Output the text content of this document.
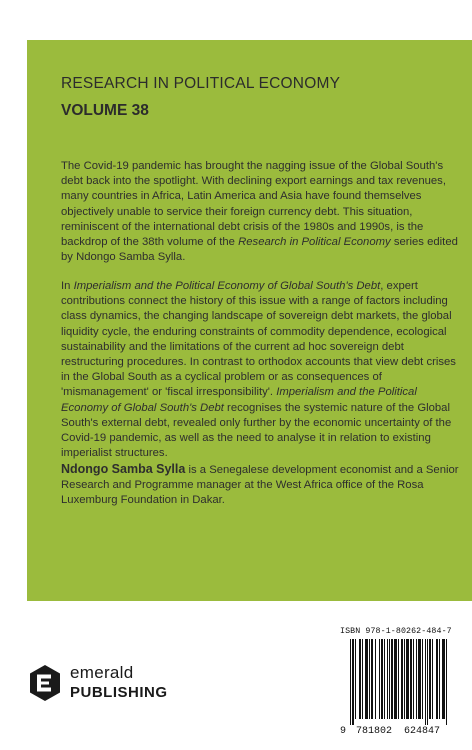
RESEARCH IN POLITICAL ECONOMY
VOLUME 38
The Covid-19 pandemic has brought the nagging issue of the Global South's debt back into the spotlight. With declining export earnings and tax revenues, many countries in Africa, Latin America and Asia have found themselves objectively unable to service their foreign currency debt. This situation, reminiscent of the international debt crisis of the 1980s and 1990s, is the backdrop of the 38th volume of the Research in Political Economy series edited by Ndongo Samba Sylla.
In Imperialism and the Political Economy of Global South's Debt, expert contributions connect the history of this issue with a range of factors including class dynamics, the changing landscape of sovereign debt markets, the global liquidity cycle, the enduring constraints of commodity dependence, ecological sustainability and the limitations of the current ad hoc sovereign debt restructuring procedures. In contrast to orthodox accounts that view debt crises in the Global South as a cyclical problem or as consequences of 'mismanagement' or 'fiscal irresponsibility'. Imperialism and the Political Economy of Global South's Debt recognises the systemic nature of the Global South's external debt, revealed only further by the economic uncertainty of the Covid-19 pandemic, as well as the need to analyse it in relation to existing imperialist structures.
Ndongo Samba Sylla is a Senegalese development economist and a Senior Research and Programme manager at the West Africa office of the Rosa Luxemburg Foundation in Dakar.
emerald
PUBLISHING
ISBN 978-1-80262-484-7
9 781802 624847
